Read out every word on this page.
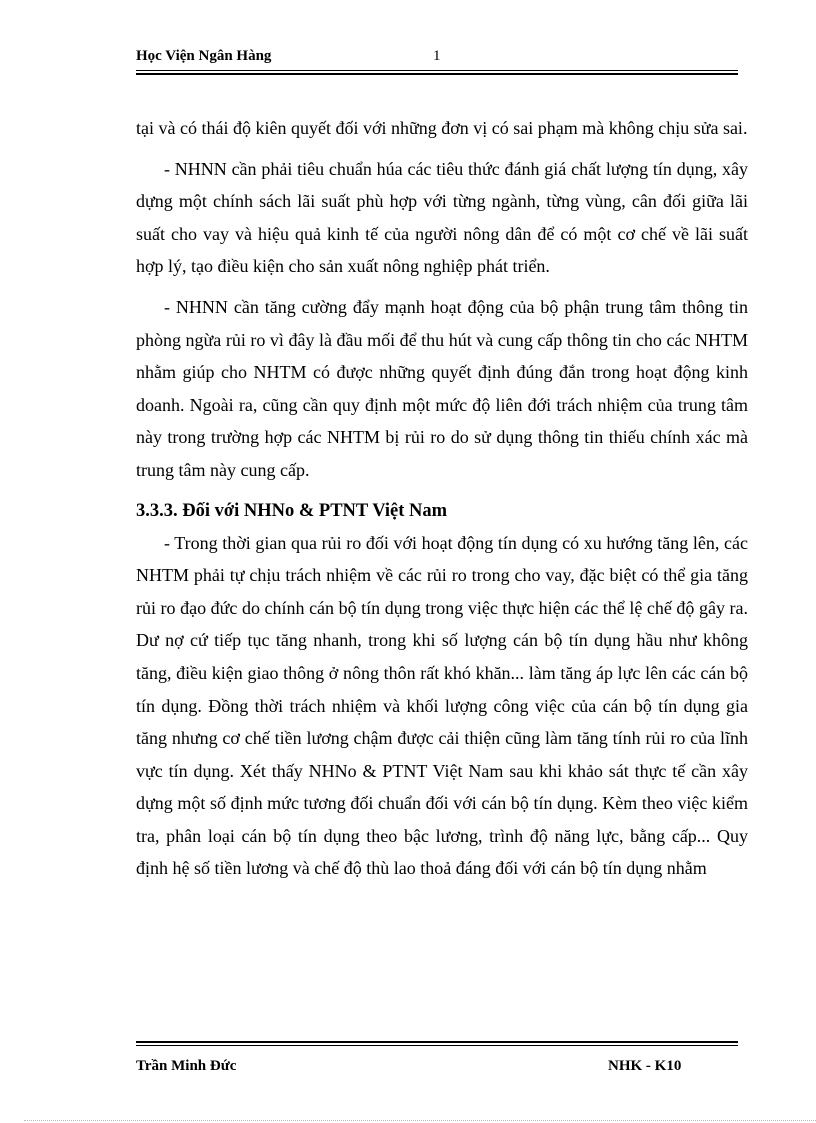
Học Viện Ngân Hàng	1

tại và có thái độ kiên quyết đối với những đơn vị có sai phạm mà không chịu sửa sai.

- NHNN cần phải tiêu chuẩn húa các tiêu thức đánh giá chất lượng tín dụng, xây dựng một chính sách lãi suất phù hợp với từng ngành, từng vùng, cân đối giữa lãi suất cho vay và hiệu quả kinh tế của người nông dân để có một cơ chế về lãi suất hợp lý, tạo điều kiện cho sản xuất nông nghiệp phát triển.

- NHNN cần tăng cường đẩy mạnh hoạt động của bộ phận trung tâm thông tin phòng ngừa rủi ro vì đây là đầu mối để thu hút và cung cấp thông tin cho các NHTM nhằm giúp cho NHTM có được những quyết định đúng đắn trong hoạt động kinh doanh. Ngoài ra, cũng cần quy định một mức độ liên đới trách nhiệm của trung tâm này trong trường hợp các NHTM bị rủi ro do sử dụng thông tin thiếu chính xác mà trung tâm này cung cấp.

3.3.3. Đối với NHNo & PTNT Việt Nam

- Trong thời gian qua rủi ro đối với hoạt động tín dụng có xu hướng tăng lên, các NHTM phải tự chịu trách nhiệm về các rủi ro trong cho vay, đặc biệt có thể gia tăng rủi ro đạo đức do chính cán bộ tín dụng trong việc thực hiện các thể lệ chế độ gây ra. Dư nợ cứ tiếp tục tăng nhanh, trong khi số lượng cán bộ tín dụng hầu như không tăng, điều kiện giao thông ở nông thôn rất khó khăn... làm tăng áp lực lên các cán bộ tín dụng. Đồng thời trách nhiệm và khối lượng công việc của cán bộ tín dụng gia tăng nhưng cơ chế tiền lương chậm được cải thiện cũng làm tăng tính rủi ro của lĩnh vực tín dụng. Xét thấy NHNo & PTNT Việt Nam sau khi khảo sát thực tế cần xây dựng một số định mức tương đối chuẩn đối với cán bộ tín dụng. Kèm theo việc kiểm tra, phân loại cán bộ tín dụng theo bậc lương, trình độ năng lực, bằng cấp... Quy định hệ số tiền lương và chế độ thù lao thoả đáng đối với cán bộ tín dụng nhằm

Trần Minh Đức	NHK - K10
